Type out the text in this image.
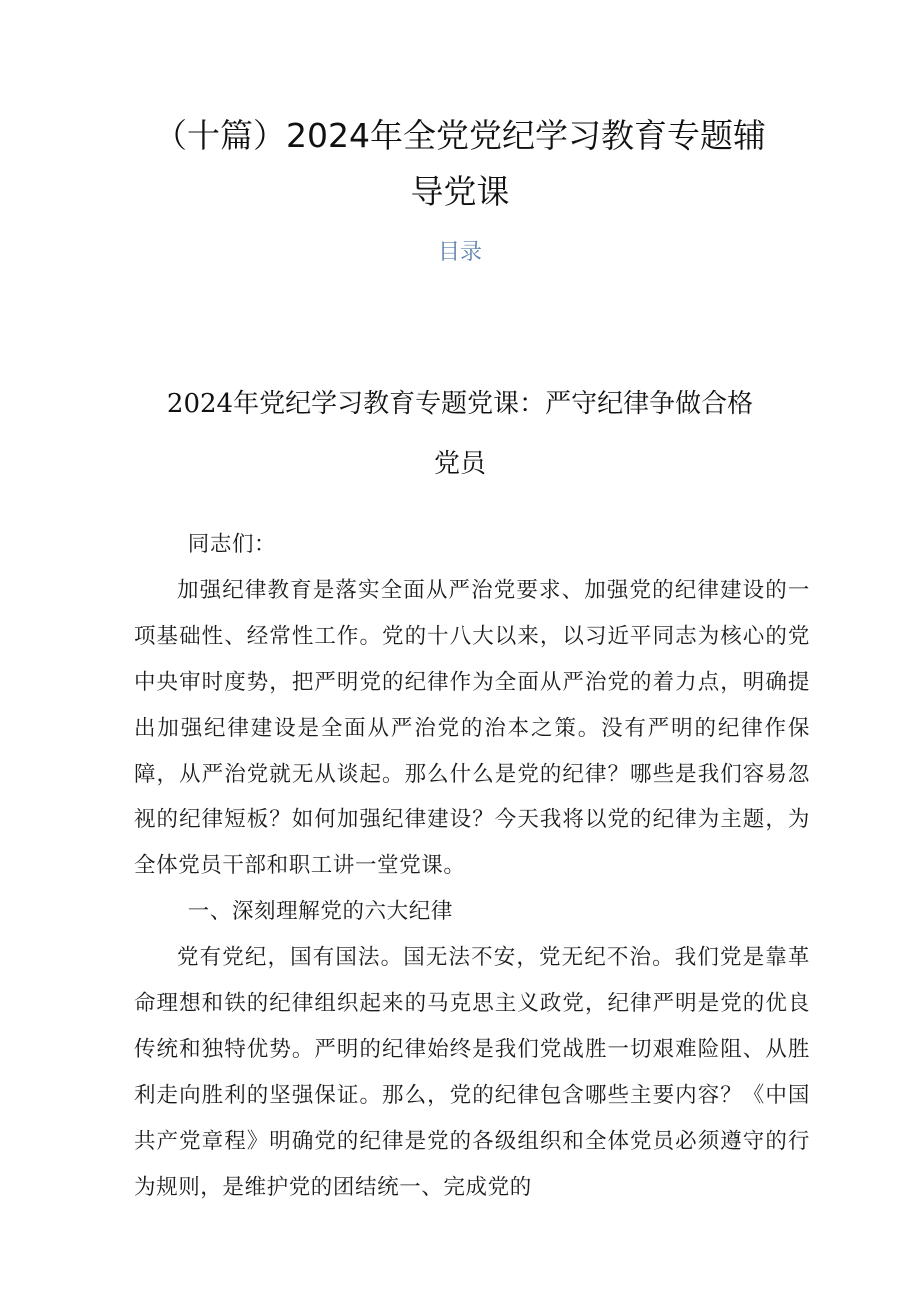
（十篇）2024年全党党纪学习教育专题辅
导党课
目录
2024年党纪学习教育专题党课：严守纪律争做合格
党员

同志们：

加强纪律教育是落实全面从严治党要求、加强党的纪律建设的一项基础性、经常性工作。党的十八大以来，以习近平同志为核心的党中央审时度势，把严明党的纪律作为全面从严治党的着力点，明确提出加强纪律建设是全面从严治党的治本之策。没有严明的纪律作保障，从严治党就无从谈起。那么什么是党的纪律？哪些是我们容易忽视的纪律短板？如何加强纪律建设？今天我将以党的纪律为主题，为全体党员干部和职工讲一堂党课。

一、深刻理解党的六大纪律

党有党纪，国有国法。国无法不安，党无纪不治。我们党是靠革命理想和铁的纪律组织起来的马克思主义政党，纪律严明是党的优良传统和独特优势。严明的纪律始终是我们党战胜一切艰难险阻、从胜利走向胜利的坚强保证。那么，党的纪律包含哪些主要内容？《中国共产党章程》明确党的纪律是党的各级组织和全体党员必须遵守的行为规则，是维护党的团结统一、完成党的
